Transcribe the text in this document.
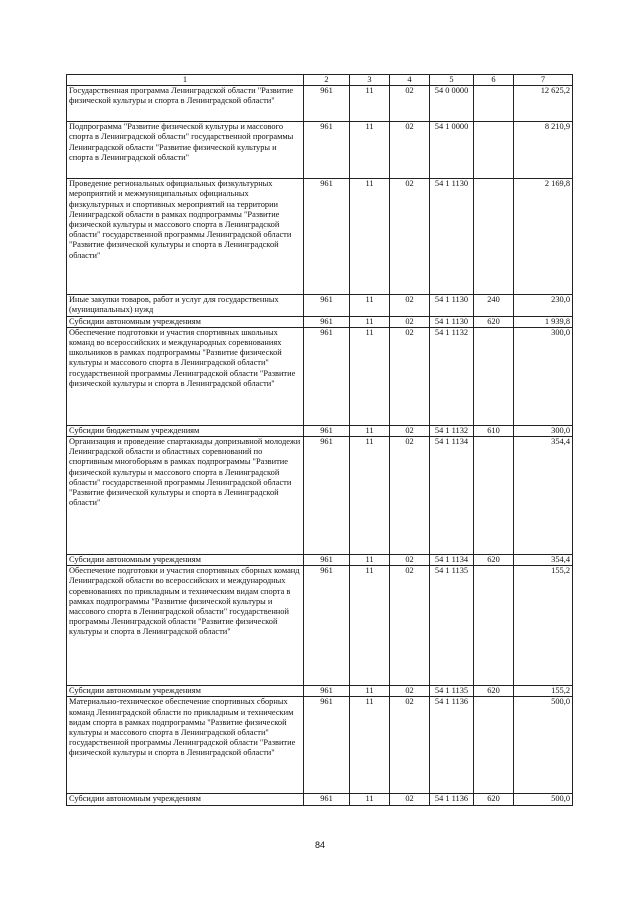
1	2	3	4	5	6	7
Государственная программа Ленинградской области "Развитие физической культуры и спорта в Ленинградской области"	961	11	02	54 0 0000		12 625,2
Подпрограмма "Развитие физической культуры и массового спорта в Ленинградской области" государственной программы Ленинградской области "Развитие физической культуры и спорта в Ленинградской области"	961	11	02	54 1 0000		8 210,9
Проведение региональных официальных физкультурных мероприятий и межмуниципальных официальных физкультурных и спортивных мероприятий на территории Ленинградской области в рамках подпрограммы "Развитие физической культуры и массового спорта в Ленинградской области" государственной программы Ленинградской области "Развитие физической культуры и спорта в Ленинградской области"	961	11	02	54 1 1130		2 169,8
Иные закупки товаров, работ и услуг для государственных (муниципальных) нужд	961	11	02	54 1 1130	240	230,0
Субсидии автономным учреждениям	961	11	02	54 1 1130	620	1 939,8
Обеспечение подготовки и участия спортивных школьных команд во всероссийских и международных соревнованиях школьников в рамках подпрограммы "Развитие физической культуры и массового спорта в Ленинградской области" государственной программы Ленинградской области "Развитие физической культуры и спорта в Ленинградской области"	961	11	02	54 1 1132		300,0
Субсидии бюджетным учреждениям	961	11	02	54 1 1132	610	300,0
Организация и проведение спартакиады допризывной молодежи Ленинградской области и областных соревнований по спортивным многоборьям в рамках подпрограммы "Развитие физической культуры и массового спорта в Ленинградской области" государственной программы Ленинградской области "Развитие физической культуры и спорта в Ленинградской области"	961	11	02	54 1 1134		354,4
Субсидии автономным учреждениям	961	11	02	54 1 1134	620	354,4
Обеспечение подготовки и участия спортивных сборных команд Ленинградской области во всероссийских и международных соревнованиях по прикладным и техническим видам спорта в рамках подпрограммы "Развитие физической культуры и массового спорта в Ленинградской области" государственной программы Ленинградской области "Развитие физической культуры и спорта в Ленинградской области"	961	11	02	54 1 1135		155,2
Субсидии автономным учреждениям	961	11	02	54 1 1135	620	155,2
Материально-техническое обеспечение спортивных сборных команд Ленинградской области по прикладным и техническим видам спорта в рамках подпрограммы "Развитие физической культуры и массового спорта в Ленинградской области" государственной программы Ленинградской области "Развитие физической культуры и спорта в Ленинградской области"	961	11	02	54 1 1136		500,0
Субсидии автономным учреждениям	961	11	02	54 1 1136	620	500,0
84
